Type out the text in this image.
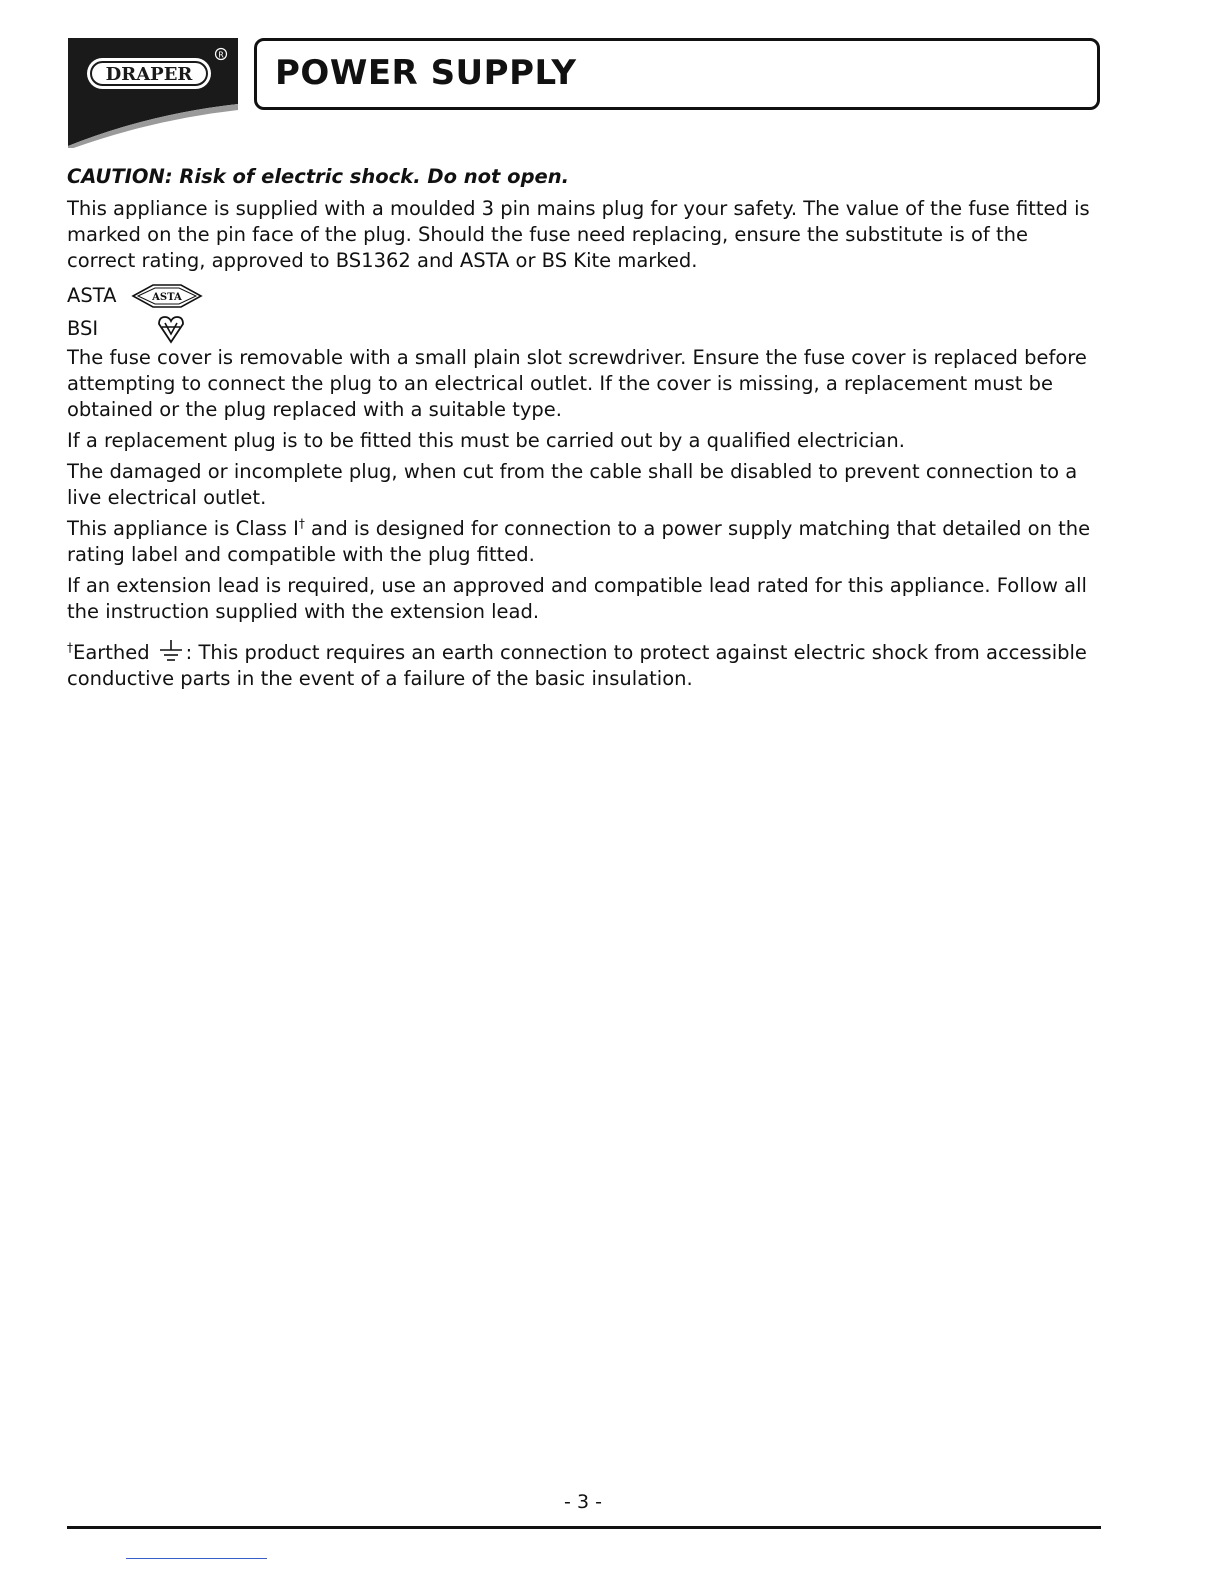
DRAPER
R POWER SUPPLY

CAUTION: Risk of electric shock. Do not open.

This appliance is supplied with a moulded 3 pin mains plug for your safety. The value of the fuse fitted is marked on the pin face of the plug. Should the fuse need replacing, ensure the substitute is of the correct rating, approved to BS1362 and ASTA or BS Kite marked.

ASTA	ASTA
BSI

The fuse cover is removable with a small plain slot screwdriver. Ensure the fuse cover is replaced before attempting to connect the plug to an electrical outlet. If the cover is missing, a replacement must be obtained or the plug replaced with a suitable type.

If a replacement plug is to be fitted this must be carried out by a qualified electrician.

The damaged or incomplete plug, when cut from the cable shall be disabled to prevent connection to a live electrical outlet.

This appliance is Class I† and is designed for connection to a power supply matching that detailed on the rating label and compatible with the plug fitted.

If an extension lead is required, use an approved and compatible lead rated for this appliance. Follow all the instruction supplied with the extension lead.

†Earthed : This product requires an earth connection to protect against electric shock from accessible conductive parts in the event of a failure of the basic insulation.

- 3 -
